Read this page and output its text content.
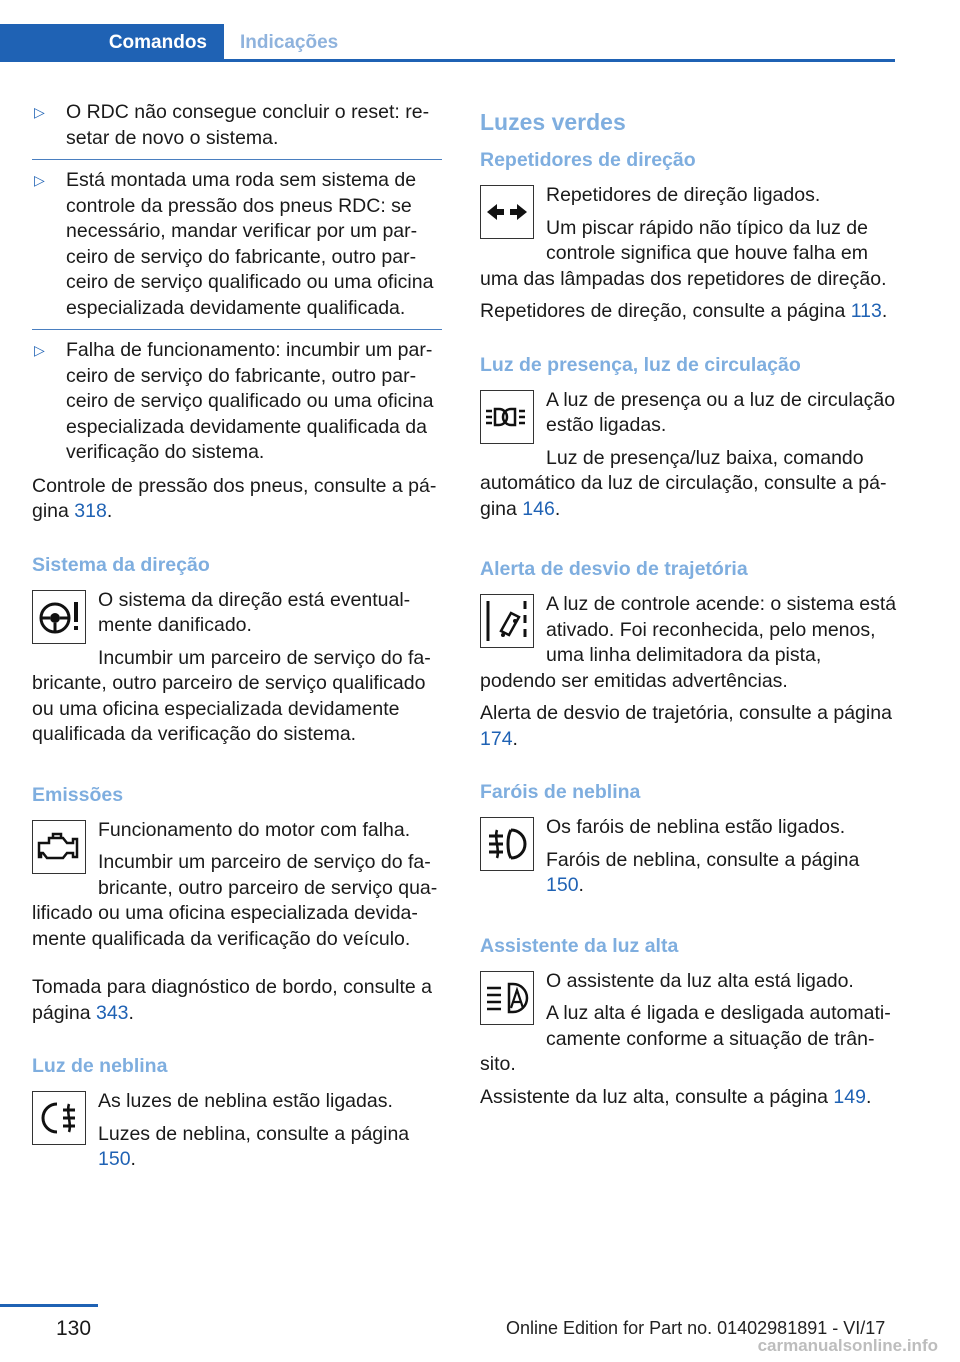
Comandos	Indicações
▷ O RDC não consegue concluir o reset: resetar de novo o sistema.
▷ Está montada uma roda sem sistema de controle da pressão dos pneus RDC: se necessário, mandar verificar por um parceiro de serviço do fabricante, outro parceiro de serviço qualificado ou uma oficina especializada devidamente qualificada.
▷ Falha de funcionamento: incumbir um parceiro de serviço do fabricante, outro parceiro de serviço qualificado ou uma oficina especializada devidamente qualificada da verificação do sistema.

Controle de pressão dos pneus, consulte a página 318.

Sistema da direção

O sistema da direção está eventualmente danificado.

Incumbir um parceiro de serviço do fabricante, outro parceiro de serviço qualificado ou uma oficina especializada devidamente qualificada da verificação do sistema.

Emissões

Funcionamento do motor com falha.

Incumbir um parceiro de serviço do fabricante, outro parceiro de serviço qualificado ou uma oficina especializada devidamente qualificada da verificação do veículo.

Tomada para diagnóstico de bordo, consulte a página 343.

Luz de neblina

As luzes de neblina estão ligadas.

Luzes de neblina, consulte a página 150.

Luzes verdes
Repetidores de direção

Repetidores de direção ligados.

Um piscar rápido não típico da luz de controle significa que houve falha em uma das lâmpadas dos repetidores de direção.

Repetidores de direção, consulte a página 113.

Luz de presença, luz de circulação

A luz de presença ou a luz de circulação estão ligadas.

Luz de presença/luz baixa, comando automático da luz de circulação, consulte a página 146.

Alerta de desvio de trajetória

A luz de controle acende: o sistema está ativado. Foi reconhecida, pelo menos, uma linha delimitadora da pista, podendo ser emitidas advertências.

Alerta de desvio de trajetória, consulte a página 174.

Faróis de neblina

Os faróis de neblina estão ligados.

Faróis de neblina, consulte a página 150.

Assistente da luz alta

O assistente da luz alta está ligado.

A luz alta é ligada e desligada automaticamente conforme a situação de trânsito.

Assistente da luz alta, consulte a página 149.

130	Online Edition for Part no. 01402981891 - VI/17
carmanualsonline.info
